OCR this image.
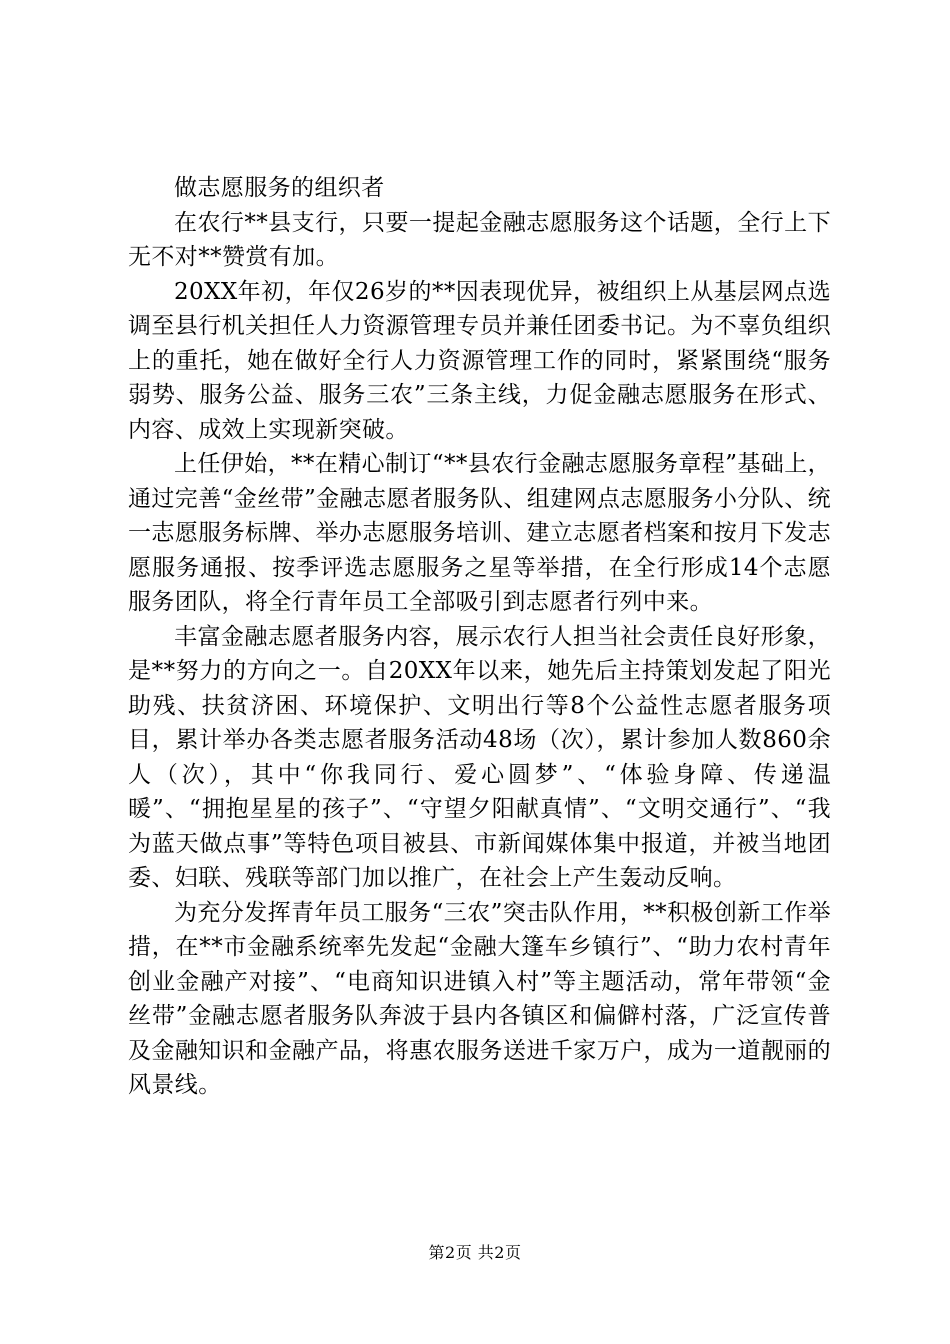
做志愿服务的组织者

在农行**县支行，只要一提起金融志愿服务这个话题，全行上下无不对**赞赏有加。

20XX年初，年仅26岁的**因表现优异，被组织上从基层网点选调至县行机关担任人力资源管理专员并兼任团委书记。为不辜负组织上的重托，她在做好全行人力资源管理工作的同时，紧紧围绕“服务弱势、服务公益、服务三农”三条主线，力促金融志愿服务在形式、内容、成效上实现新突破。

上任伊始，**在精心制订“**县农行金融志愿服务章程”基础上，通过完善“金丝带”金融志愿者服务队、组建网点志愿服务小分队、统一志愿服务标牌、举办志愿服务培训、建立志愿者档案和按月下发志愿服务通报、按季评选志愿服务之星等举措，在全行形成14个志愿服务团队，将全行青年员工全部吸引到志愿者行列中来。

丰富金融志愿者服务内容，展示农行人担当社会责任良好形象，是**努力的方向之一。自20XX年以来，她先后主持策划发起了阳光助残、扶贫济困、环境保护、文明出行等8个公益性志愿者服务项目，累计举办各类志愿者服务活动48场（次），累计参加人数860余人（次），其中“你我同行、爱心圆梦”、“体验身障、传递温暖”、“拥抱星星的孩子”、“守望夕阳献真情”、“文明交通行”、“我为蓝天做点事”等特色项目被县、市新闻媒体集中报道，并被当地团委、妇联、残联等部门加以推广，在社会上产生轰动反响。

为充分发挥青年员工服务“三农”突击队作用，**积极创新工作举措，在**市金融系统率先发起“金融大篷车乡镇行”、“助力农村青年创业金融产对接”、“电商知识进镇入村”等主题活动，常年带领“金丝带”金融志愿者服务队奔波于县内各镇区和偏僻村落，广泛宣传普及金融知识和金融产品，将惠农服务送进千家万户，成为一道靓丽的风景线。

第2页 共2页
